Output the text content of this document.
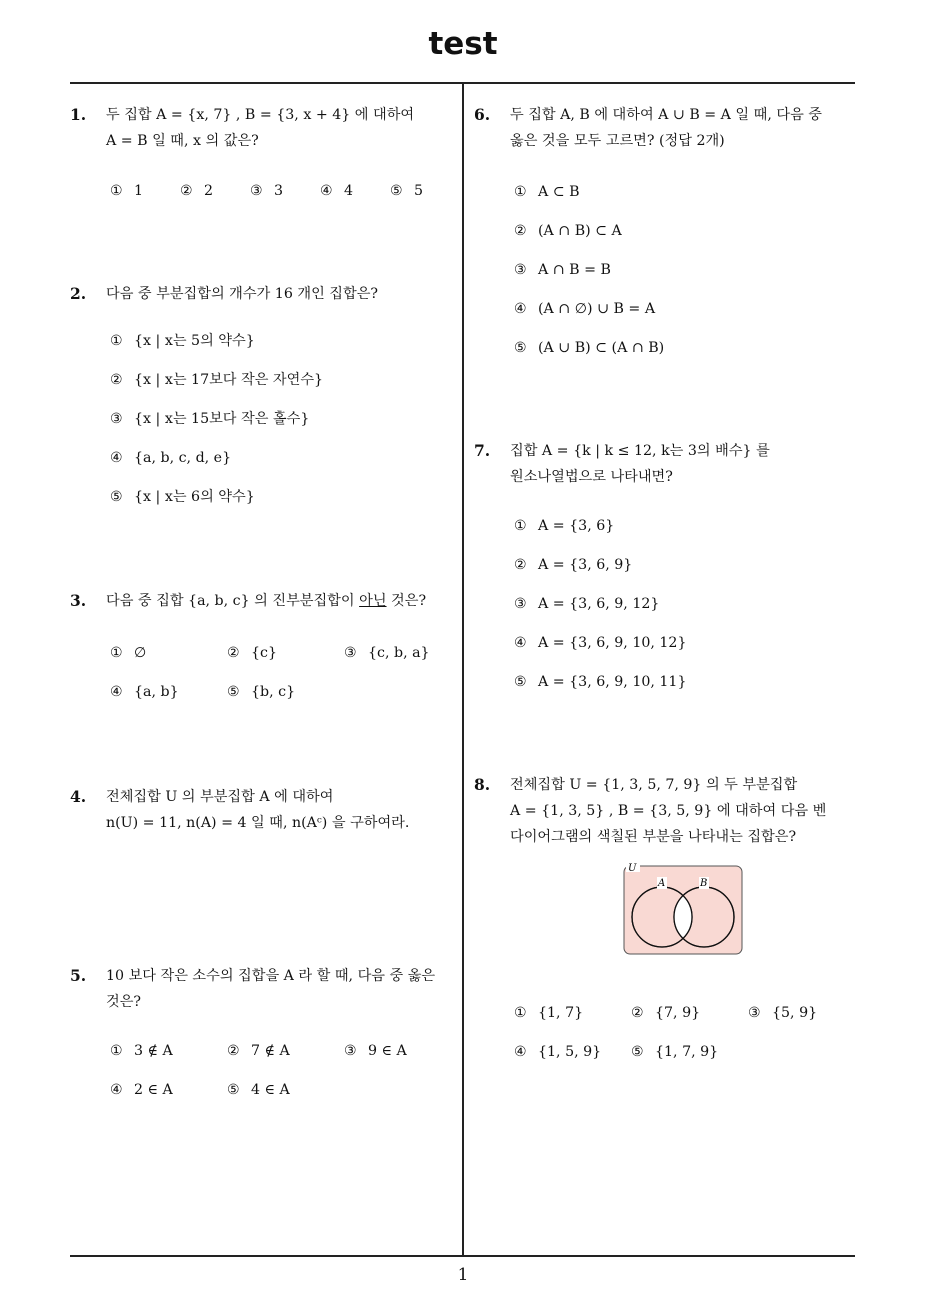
test
1
1. 두 집합 A = {x, 7} , B = {3, x + 4} 에 대하여
A = B 일 때, x 의 값은?
① 1	② 2	③ 3	④ 4	⑤ 5
2. 다음 중 부분집합의 개수가 16 개인 집합은?
① {x | x는 5의 약수}
② {x | x는 17보다 작은 자연수}
③ {x | x는 15보다 작은 홀수}
④ {a, b, c, d, e}
⑤ {x | x는 6의 약수}
3. 다음 중 집합 {a, b, c} 의 진부분집합이 아닌 것은?
① ∅	② {c}	③ {c, b, a}
④ {a, b}	⑤ {b, c}
4. 전체집합 U 의 부분집합 A 에 대하여
n(U) = 11, n(A) = 4 일 때, n(Aᶜ) 을 구하여라.
5. 10 보다 작은 소수의 집합을 A 라 할 때, 다음 중 옳은
것은?
① 3 ∉ A	② 7 ∉ A	③ 9 ∈ A
④ 2 ∈ A	⑤ 4 ∈ A
6. 두 집합 A, B 에 대하여 A ∪ B = A 일 때, 다음 중
옳은 것을 모두 고르면? (정답 2개)
① A ⊂ B
② (A ∩ B) ⊂ A
③ A ∩ B = B
④ (A ∩ ∅) ∪ B = A
⑤ (A ∪ B) ⊂ (A ∩ B)
7. 집합 A = {k | k ≤ 12, k는 3의 배수} 를
원소나열법으로 나타내면?
① A = {3, 6}
② A = {3, 6, 9}
③ A = {3, 6, 9, 12}
④ A = {3, 6, 9, 10, 12}
⑤ A = {3, 6, 9, 10, 11}
8. 전체집합 U = {1, 3, 5, 7, 9} 의 두 부분집합
A = {1, 3, 5} , B = {3, 5, 9} 에 대하여 다음 벤
다이어그램의 색칠된 부분을 나타내는 집합은?
U
A	B
① {1, 7}	② {7, 9}	③ {5, 9}
④ {1, 5, 9} ⑤ {1, 7, 9}
